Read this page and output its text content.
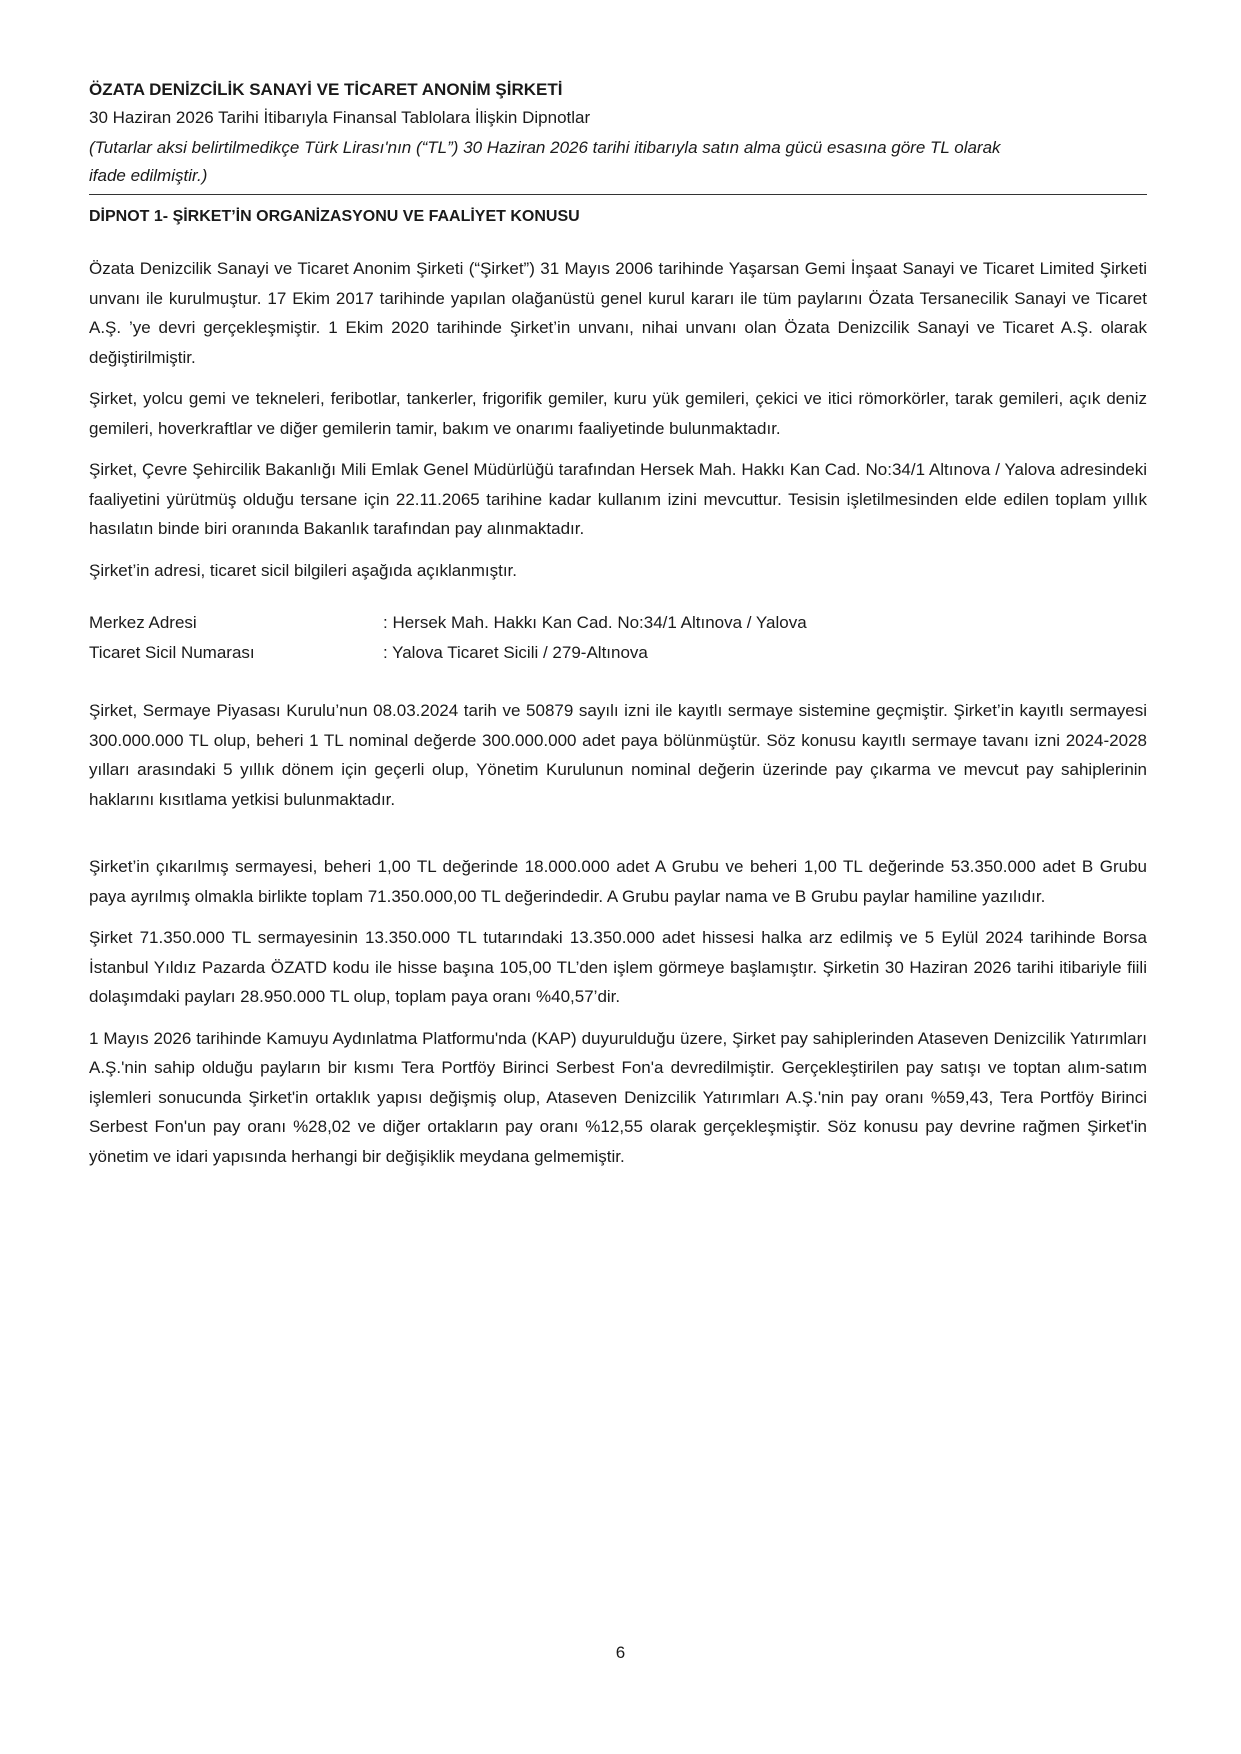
ÖZATA DENİZCİLİK SANAYİ VE TİCARET ANONİM ŞİRKETİ

30 Haziran 2026 Tarihi İtibarıyla Finansal Tablolara İlişkin Dipnotlar

(Tutarlar aksi belirtilmedikçe Türk Lirası'nın (“TL”) 30 Haziran 2026 tarihi itibarıyla satın alma gücü esasına göre TL olarak
ifade edilmiştir.)

DİPNOT 1- ŞİRKET’İN ORGANİZASYONU VE FAALİYET KONUSU

Özata Denizcilik Sanayi ve Ticaret Anonim Şirketi (“Şirket”) 31 Mayıs 2006 tarihinde Yaşarsan Gemi İnşaat Sanayi ve Ticaret Limited Şirketi unvanı ile kurulmuştur. 17 Ekim 2017 tarihinde yapılan olağanüstü genel kurul kararı ile tüm paylarını Özata Tersanecilik Sanayi ve Ticaret A.Ş. ’ye devri gerçekleşmiştir. 1 Ekim 2020 tarihinde Şirket’in unvanı, nihai unvanı olan Özata Denizcilik Sanayi ve Ticaret A.Ş. olarak değiştirilmiştir.

Şirket, yolcu gemi ve tekneleri, feribotlar, tankerler, frigorifik gemiler, kuru yük gemileri, çekici ve itici römorkörler, tarak gemileri, açık deniz gemileri, hoverkraftlar ve diğer gemilerin tamir, bakım ve onarımı faaliyetinde bulunmaktadır.

Şirket, Çevre Şehircilik Bakanlığı Mili Emlak Genel Müdürlüğü tarafından Hersek Mah. Hakkı Kan Cad. No:34/1 Altınova / Yalova adresindeki faaliyetini yürütmüş olduğu tersane için 22.11.2065 tarihine kadar kullanım izini mevcuttur. Tesisin işletilmesinden elde edilen toplam yıllık hasılatın binde biri oranında Bakanlık tarafından pay alınmaktadır.

Şirket’in adresi, ticaret sicil bilgileri aşağıda açıklanmıştır.

Merkez Adresi	: Hersek Mah. Hakkı Kan Cad. No:34/1 Altınova / Yalova
Ticaret Sicil Numarası	: Yalova Ticaret Sicili / 279-Altınova

Şirket, Sermaye Piyasası Kurulu’nun 08.03.2024 tarih ve 50879 sayılı izni ile kayıtlı sermaye sistemine geçmiştir. Şirket’in kayıtlı sermayesi 300.000.000 TL olup, beheri 1 TL nominal değerde 300.000.000 adet paya bölünmüştür. Söz konusu kayıtlı sermaye tavanı izni 2024-2028 yılları arasındaki 5 yıllık dönem için geçerli olup, Yönetim Kurulunun nominal değerin üzerinde pay çıkarma ve mevcut pay sahiplerinin haklarını kısıtlama yetkisi bulunmaktadır.

Şirket’in çıkarılmış sermayesi, beheri 1,00 TL değerinde 18.000.000 adet A Grubu ve beheri 1,00 TL değerinde 53.350.000 adet B Grubu paya ayrılmış olmakla birlikte toplam 71.350.000,00 TL değerindedir. A Grubu paylar nama ve B Grubu paylar hamiline yazılıdır.

Şirket 71.350.000 TL sermayesinin 13.350.000 TL tutarındaki 13.350.000 adet hissesi halka arz edilmiş ve 5 Eylül 2024 tarihinde Borsa İstanbul Yıldız Pazarda ÖZATD kodu ile hisse başına 105,00 TL’den işlem görmeye başlamıştır. Şirketin 30 Haziran 2026 tarihi itibariyle fiili dolaşımdaki payları 28.950.000 TL olup, toplam paya oranı %40,57’dir.

1 Mayıs 2026 tarihinde Kamuyu Aydınlatma Platformu'nda (KAP) duyurulduğu üzere, Şirket pay sahiplerinden Ataseven Denizcilik Yatırımları A.Ş.'nin sahip olduğu payların bir kısmı Tera Portföy Birinci Serbest Fon'a devredilmiştir. Gerçekleştirilen pay satışı ve toptan alım-satım işlemleri sonucunda Şirket'in ortaklık yapısı değişmiş olup, Ataseven Denizcilik Yatırımları A.Ş.'nin pay oranı %59,43, Tera Portföy Birinci Serbest Fon'un pay oranı %28,02 ve diğer ortakların pay oranı %12,55 olarak gerçekleşmiştir. Söz konusu pay devrine rağmen Şirket'in yönetim ve idari yapısında herhangi bir değişiklik meydana gelmemiştir.

6
